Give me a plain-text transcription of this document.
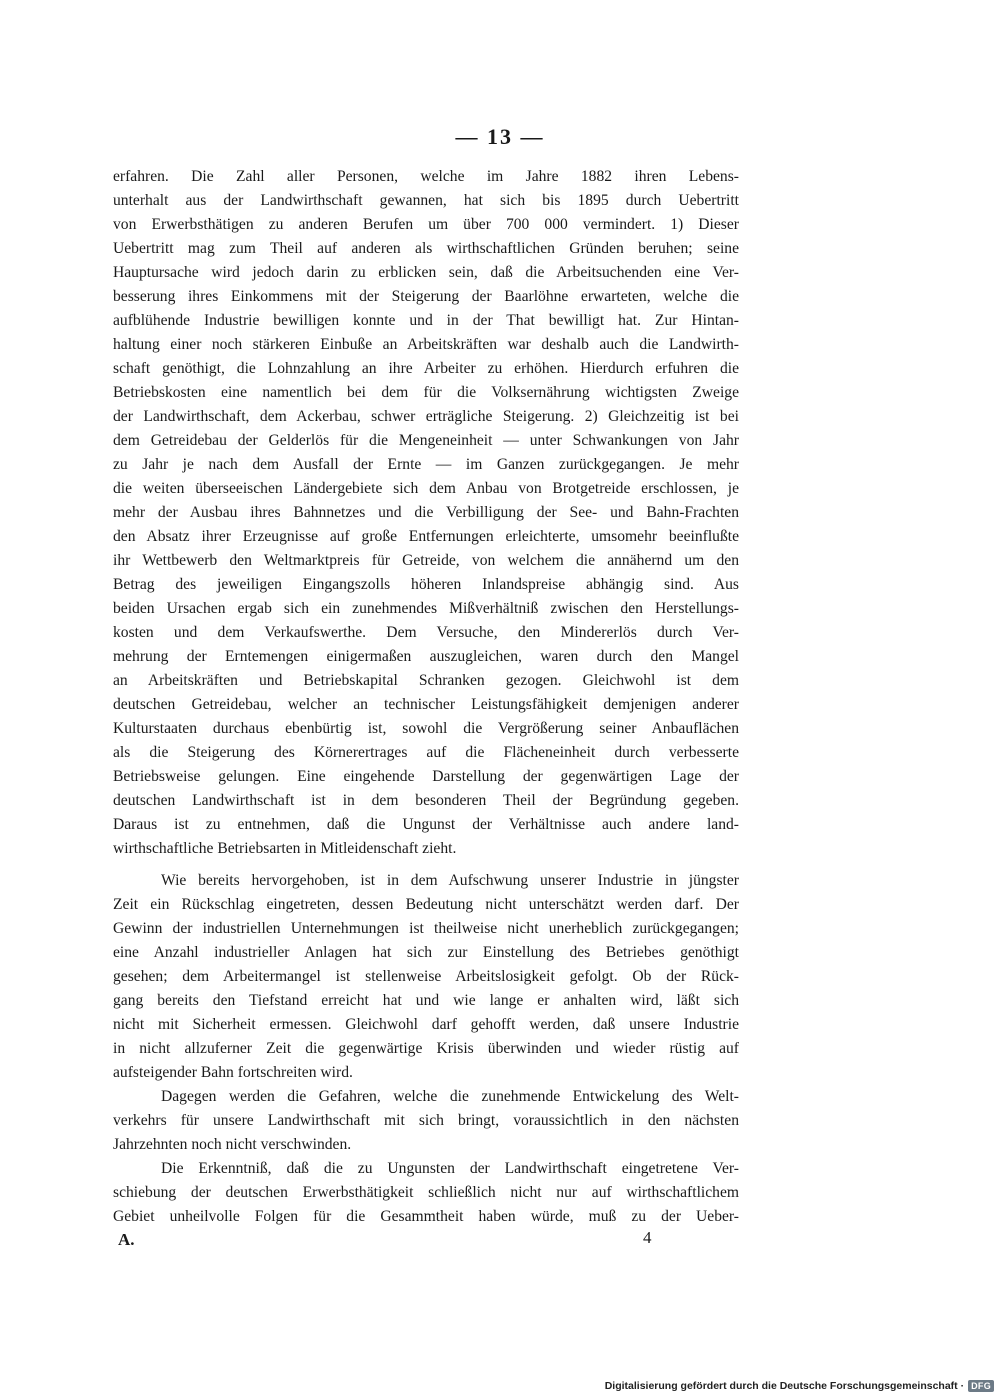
— 13 —
erfahren. Die Zahl aller Personen, welche im Jahre 1882 ihren Lebens-
unterhalt aus der Landwirthschaft gewannen, hat sich bis 1895 durch Uebertritt
von Erwerbsthätigen zu anderen Berufen um über 700 000 vermindert. 1) Dieser
Uebertritt mag zum Theil auf anderen als wirthschaftlichen Gründen beruhen; seine
Hauptursache wird jedoch darin zu erblicken sein, daß die Arbeitsuchenden eine Ver-
besserung ihres Einkommens mit der Steigerung der Baarlöhne erwarteten, welche die
aufblühende Industrie bewilligen konnte und in der That bewilligt hat. Zur Hintan-
haltung einer noch stärkeren Einbuße an Arbeitskräften war deshalb auch die Landwirth-
schaft genöthigt, die Lohnzahlung an ihre Arbeiter zu erhöhen. Hierdurch erfuhren die
Betriebskosten eine namentlich bei dem für die Volksernährung wichtigsten Zweige
der Landwirthschaft, dem Ackerbau, schwer erträgliche Steigerung. 2) Gleichzeitig ist bei
dem Getreidebau der Gelderlös für die Mengeneinheit — unter Schwankungen von Jahr
zu Jahr je nach dem Ausfall der Ernte — im Ganzen zurückgegangen. Je mehr
die weiten überseeischen Ländergebiete sich dem Anbau von Brotgetreide erschlossen, je
mehr der Ausbau ihres Bahnnetzes und die Verbilligung der See- und Bahn-Frachten
den Absatz ihrer Erzeugnisse auf große Entfernungen erleichterte, umsomehr beeinflußte
ihr Wettbewerb den Weltmarktpreis für Getreide, von welchem die annähernd um den
Betrag des jeweiligen Eingangszolls höheren Inlandspreise abhängig sind. Aus
beiden Ursachen ergab sich ein zunehmendes Mißverhältniß zwischen den Herstellungs-
kosten und dem Verkaufswerthe. Dem Versuche, den Mindererlös durch Ver-
mehrung der Erntemengen einigermaßen auszugleichen, waren durch den Mangel
an Arbeitskräften und Betriebskapital Schranken gezogen. Gleichwohl ist dem
deutschen Getreidebau, welcher an technischer Leistungsfähigkeit demjenigen anderer
Kulturstaaten durchaus ebenbürtig ist, sowohl die Vergrößerung seiner Anbauflächen
als die Steigerung des Körnerertrages auf die Flächeneinheit durch verbesserte
Betriebsweise gelungen. Eine eingehende Darstellung der gegenwärtigen Lage der
deutschen Landwirthschaft ist in dem besonderen Theil der Begründung gegeben.
Daraus ist zu entnehmen, daß die Ungunst der Verhältnisse auch andere land-
wirthschaftliche Betriebsarten in Mitleidenschaft zieht.
Wie bereits hervorgehoben, ist in dem Aufschwung unserer Industrie in jüngster
Zeit ein Rückschlag eingetreten, dessen Bedeutung nicht unterschätzt werden darf. Der
Gewinn der industriellen Unternehmungen ist theilweise nicht unerheblich zurückgegangen;
eine Anzahl industrieller Anlagen hat sich zur Einstellung des Betriebes genöthigt
gesehen; dem Arbeitermangel ist stellenweise Arbeitslosigkeit gefolgt. Ob der Rück-
gang bereits den Tiefstand erreicht hat und wie lange er anhalten wird, läßt sich
nicht mit Sicherheit ermessen. Gleichwohl darf gehofft werden, daß unsere Industrie
in nicht allzuferner Zeit die gegenwärtige Krisis überwinden und wieder rüstig auf
aufsteigender Bahn fortschreiten wird.
Dagegen werden die Gefahren, welche die zunehmende Entwickelung des Welt-
verkehrs für unsere Landwirthschaft mit sich bringt, voraussichtlich in den nächsten
Jahrzehnten noch nicht verschwinden.
Die Erkenntniß, daß die zu Ungunsten der Landwirthschaft eingetretene Ver-
schiebung der deutschen Erwerbsthätigkeit schließlich nicht nur auf wirthschaftlichem
Gebiet unheilvolle Folgen für die Gesammtheit haben würde, muß zu der Ueber-
A.	4
Digitalisierung gefördert durch die Deutsche Forschungsgemeinschaft · DFG
